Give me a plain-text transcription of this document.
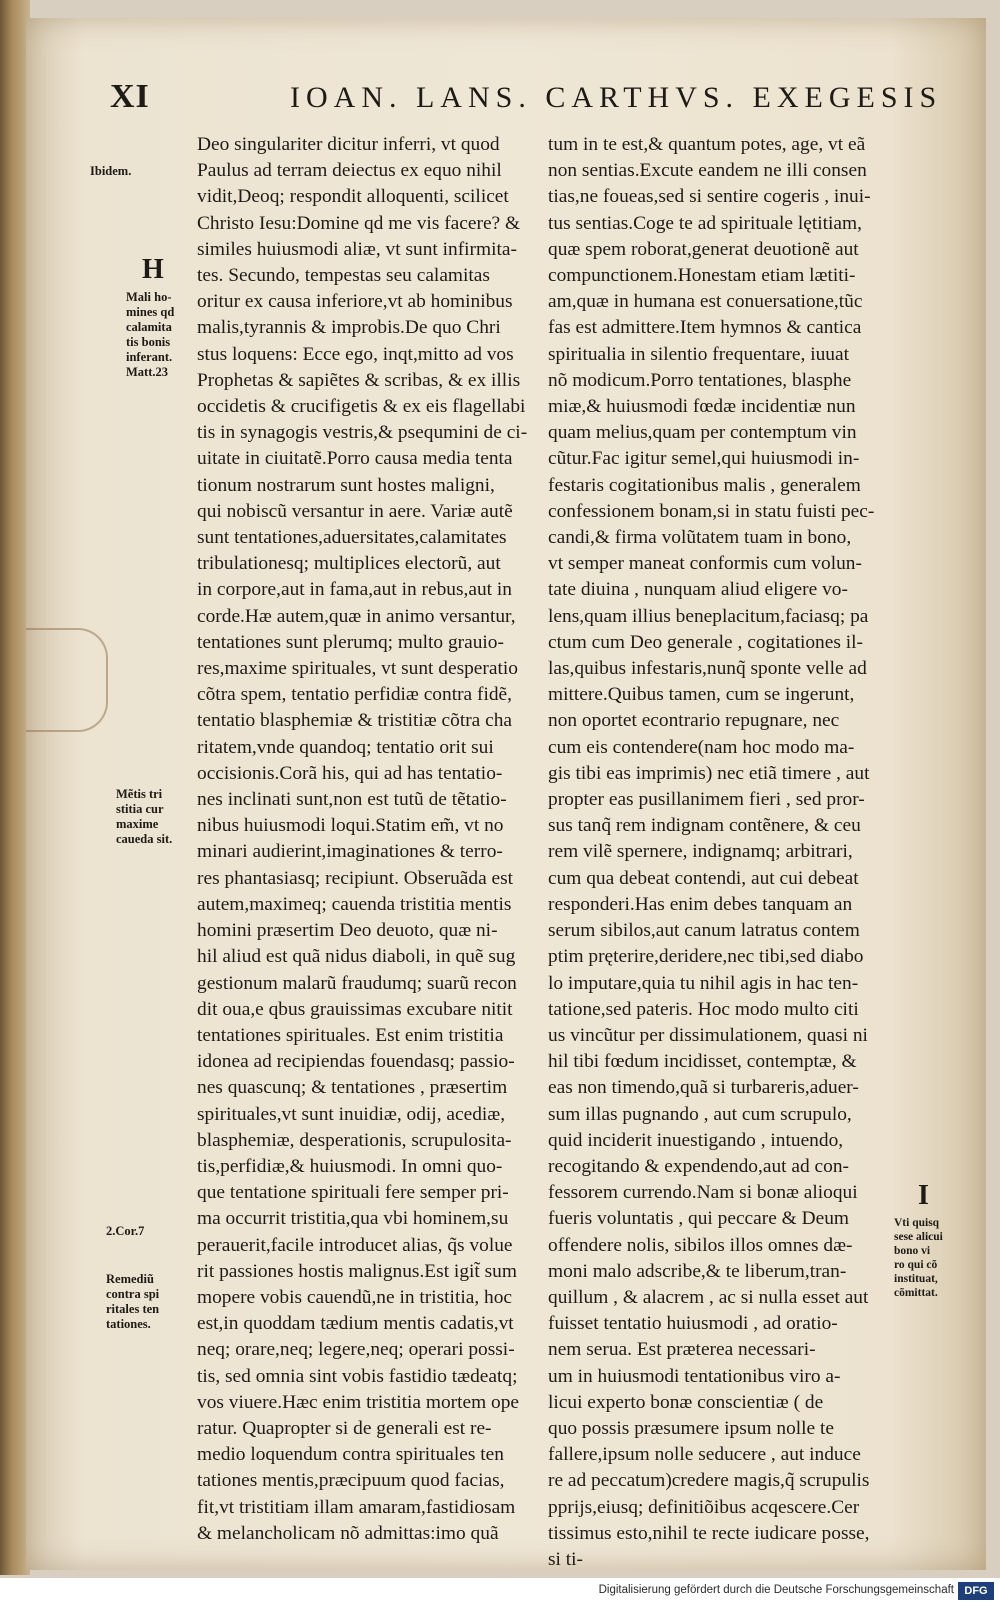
XI	IOAN. LANS. CARTHVS. EXEGESIS
Ibidem.
H
Mali ho-
mines qd
calamita
tis bonis
inferant.
Matt.23
Mẽtis tri
stitia cur
maxime
caueda sit.
2.Cor.7
Remediũ
contra spi
ritales ten
tationes.
I
Vti quisq
sese alicui
bono vi
ro qui cõ
instituat,
cõmittat.
Deo singulariter dicitur inferri, vt quod
Paulus ad terram deiectus ex equo nihil
vidit,Deoq; respondit alloquenti, scilicet
Christo Iesu:Domine qd me vis facere? &
similes huiusmodi aliæ, vt sunt infirmita-
tes. Secundo, tempestas seu calamitas
oritur ex causa inferiore,vt ab hominibus
malis,tyrannis & improbis.De quo Chri
stus loquens: Ecce ego, inqt,mitto ad vos
Prophetas & sapiẽtes & scribas, & ex illis
occidetis & crucifigetis & ex eis flagellabi
tis in synagogis vestris,& psequmini de ci-
uitate in ciuitatẽ.Porro causa media tenta
tionum nostrarum sunt hostes maligni,
qui nobiscũ versantur in aere. Variæ autẽ
sunt tentationes,aduersitates,calamitates
tribulationesq; multiplices electorũ, aut
in corpore,aut in fama,aut in rebus,aut in
corde.Hæ autem,quæ in animo versantur,
tentationes sunt plerumq; multo grauio-
res,maxime spirituales, vt sunt desperatio
cõtra spem, tentatio perfidiæ contra fidẽ,
tentatio blasphemiæ & tristitiæ cõtra cha
ritatem,vnde quandoq; tentatio orit sui
occisionis.Corã his, qui ad has tentatio-
nes inclinati sunt,non est tutũ de tẽtatio-
nibus huiusmodi loqui.Statim em̃, vt no
minari audierint,imaginationes & terro-
res phantasiasq; recipiunt. Obseruãda est
autem,maximeq; cauenda tristitia mentis
homini præsertim Deo deuoto, quæ ni-
hil aliud est quã nidus diaboli, in quẽ sug
gestionum malarũ fraudumq; suarũ recon
dit oua,e qbus grauissimas excubare nitit
tentationes spirituales. Est enim tristitia
idonea ad recipiendas fouendasq; passio-
nes quascunq; & tentationes , præsertim
spirituales,vt sunt inuidiæ, odij, acediæ,
blasphemiæ, desperationis, scrupulosita-
tis,perfidiæ,& huiusmodi. In omni quo-
que tentatione spirituali fere semper pri-
ma occurrit tristitia,qua vbi hominem,su
perauerit,facile introducet alias, q̃s volue
rit passiones hostis malignus.Est igit̃ sum
mopere vobis cauendũ,ne in tristitia, hoc
est,in quoddam tædium mentis cadatis,vt
neq; orare,neq; legere,neq; operari possi-
tis, sed omnia sint vobis fastidio tædeatq;
vos viuere.Hæc enim tristitia mortem ope
ratur. Quapropter si de generali est re-
medio loquendum contra spirituales ten
tationes mentis,præcipuum quod facias,
fit,vt tristitiam illam amaram,fastidiosam
& melancholicam nõ admittas:imo quã
tum in te est,& quantum potes, age, vt eã
non sentias.Excute eandem ne illi consen
tias,ne foueas,sed si sentire cogeris , inui-
tus sentias.Coge te ad spirituale lętitiam,
quæ spem roborat,generat deuotionẽ aut
compunctionem.Honestam etiam lætiti-
am,quæ in humana est conuersatione,tũc
fas est admittere.Item hymnos & cantica
spiritualia in silentio frequentare, iuuat
nõ modicum.Porro tentationes, blasphe
miæ,& huiusmodi fœdæ incidentiæ nun
quam melius,quam per contemptum vin
cũtur.Fac igitur semel,qui huiusmodi in-
festaris cogitationibus malis , generalem
confessionem bonam,si in statu fuisti pec-
candi,& firma volũtatem tuam in bono,
vt semper maneat conformis cum volun-
tate diuina , nunquam aliud eligere vo-
lens,quam illius beneplacitum,faciasq; pa
ctum cum Deo generale , cogitationes il-
las,quibus infestaris,nunq̃ sponte velle ad
mittere.Quibus tamen, cum se ingerunt,
non oportet econtrario repugnare, nec
cum eis contendere(nam hoc modo ma-
gis tibi eas imprimis) nec etiã timere , aut
propter eas pusillanimem fieri , sed pror-
sus tanq̃ rem indignam contẽnere, & ceu
rem vilẽ spernere, indignamq; arbitrari,
cum qua debeat contendi, aut cui debeat
responderi.Has enim debes tanquam an
serum sibilos,aut canum latratus contem
ptim pręterire,deridere,nec tibi,sed diabo
lo imputare,quia tu nihil agis in hac ten-
tatione,sed pateris. Hoc modo multo citi
us vincũtur per dissimulationem, quasi ni
hil tibi fœdum incidisset, contemptæ, &
eas non timendo,quã si turbareris,aduer-
sum illas pugnando , aut cum scrupulo,
quid inciderit inuestigando , intuendo,
recogitando & expendendo,aut ad con-
fessorem currendo.Nam si bonæ alioqui
fueris voluntatis , qui peccare & Deum
offendere nolis, sibilos illos omnes dæ-
moni malo adscribe,& te liberum,tran-
quillum , & alacrem , ac si nulla esset aut
fuisset tentatio huiusmodi , ad oratio-
nem serua. Est præterea necessari-
um in huiusmodi tentationibus viro a-
licui experto bonæ conscientiæ ( de
quo possis præsumere ipsum nolle te
fallere,ipsum nolle seducere , aut induce
re ad peccatum)credere magis,q̃ scrupulis
pprijs,eiusq; definitiõibus acqescere.Cer
tissimus esto,nihil te recte iudicare posse,
si ti-
Digitalisierung gefördert durch die Deutsche Forschungsgemeinschaft DFG
